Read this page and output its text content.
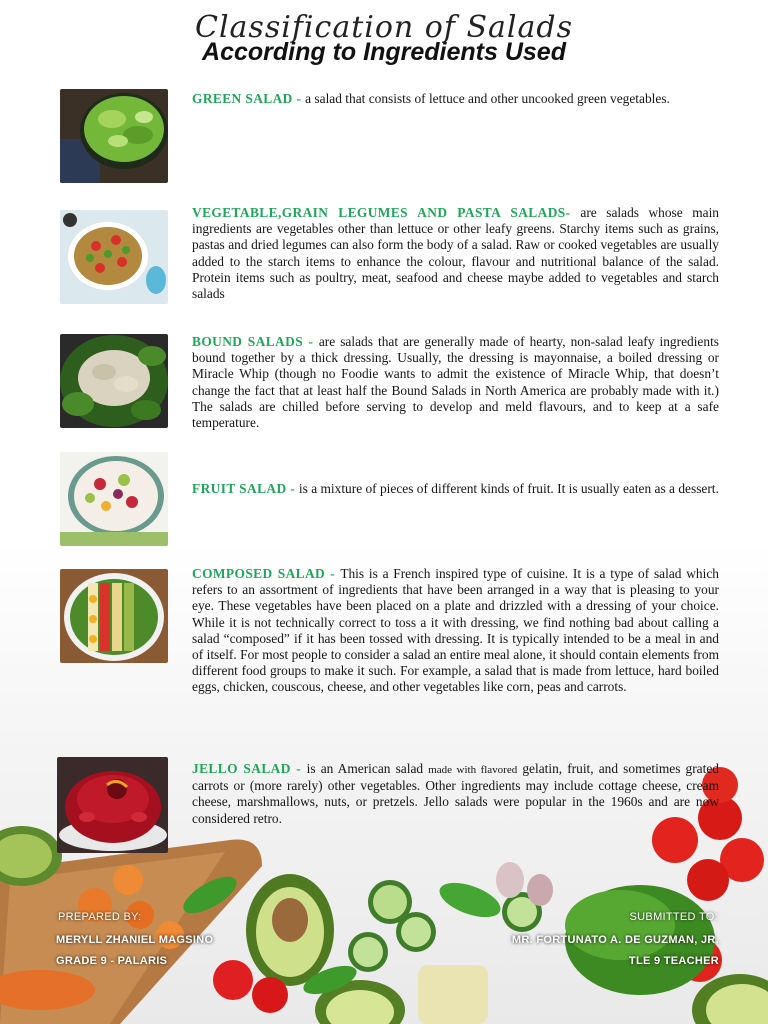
Classification of Salads
According to Ingredients Used
GREEN SALAD - a salad that consists of lettuce and other uncooked green vegetables.
VEGETABLE,GRAIN LEGUMES AND PASTA SALADS- are salads whose main ingredients are vegetables other than lettuce or other leafy greens. Starchy items such as grains, pastas and dried legumes can also form the body of a salad. Raw or cooked vegetables are usually added to the starch items to enhance the colour, flavour and nutritional balance of the salad. Protein items such as poultry, meat, seafood and cheese maybe added to vegetables and starch salads
BOUND SALADS - are salads that are generally made of hearty, non-salad leafy ingredients bound together by a thick dressing. Usually, the dressing is mayonnaise, a boiled dressing or Miracle Whip (though no Foodie wants to admit the existence of Miracle Whip, that doesn’t change the fact that at least half the Bound Salads in North America are probably made with it.) The salads are chilled before serving to develop and meld flavours, and to keep at a safe temperature.
FRUIT SALAD - is a mixture of pieces of different kinds of fruit. It is usually eaten as a dessert.
COMPOSED SALAD - This is a French inspired type of cuisine. It is a type of salad which refers to an assortment of ingredients that have been arranged in a way that is pleasing to your eye. These vegetables have been placed on a plate and drizzled with a dressing of your choice. While it is not technically correct to toss a it with dressing, we find nothing bad about calling a salad “composed” if it has been tossed with dressing. It is typically intended to be a meal in and of itself. For most people to consider a salad an entire meal alone, it should contain elements from different food groups to make it such. For example, a salad that is made from lettuce, hard boiled eggs, chicken, couscous, cheese, and other vegetables like corn, peas and carrots.
JELLO SALAD - is an American salad made with flavored gelatin, fruit, and sometimes grated carrots or (more rarely) other vegetables. Other ingredients may include cottage cheese, cream cheese, marshmallows, nuts, or pretzels. Jello salads were popular in the 1960s and are now considered retro.
PREPARED BY:
MERYLL ZHANIEL MAGSINO
GRADE 9 - PALARIS
SUBMITTED TO:
MR. FORTUNATO A. DE GUZMAN, JR.
TLE 9 TEACHER
